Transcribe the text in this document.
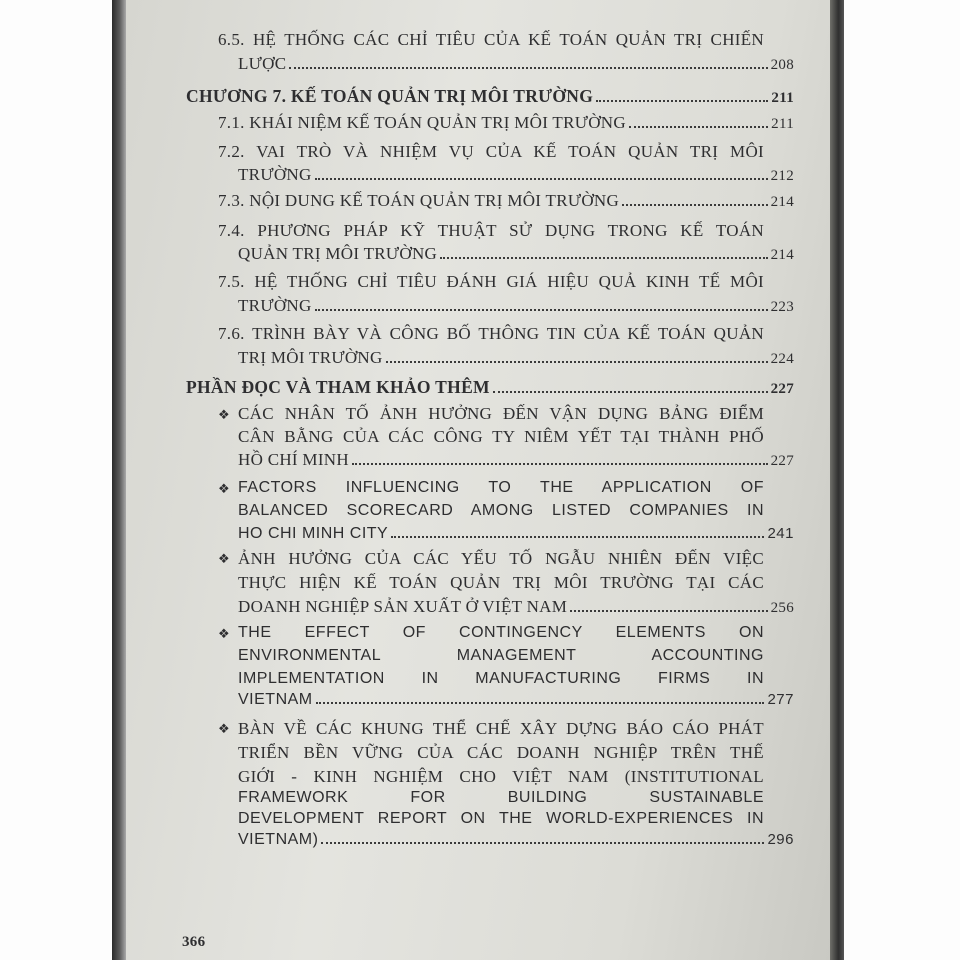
6.5. HỆ THỐNG CÁC CHỈ TIÊU CỦA KẾ TOÁN QUẢN TRỊ CHIẾN
LƯỢC	208
CHƯƠNG 7. KẾ TOÁN QUẢN TRỊ MÔI TRƯỜNG	211
7.1. KHÁI NIỆM KẾ TOÁN QUẢN TRỊ MÔI TRƯỜNG	211
7.2. VAI TRÒ VÀ NHIỆM VỤ CỦA KẾ TOÁN QUẢN TRỊ MÔI
TRƯỜNG	212
7.3. NỘI DUNG KẾ TOÁN QUẢN TRỊ MÔI TRƯỜNG	214
7.4. PHƯƠNG PHÁP KỸ THUẬT SỬ DỤNG TRONG KẾ TOÁN
QUẢN TRỊ MÔI TRƯỜNG	214
7.5. HỆ THỐNG CHỈ TIÊU ĐÁNH GIÁ HIỆU QUẢ KINH TẾ MÔI
TRƯỜNG	223
7.6. TRÌNH BÀY VÀ CÔNG BỐ THÔNG TIN CỦA KẾ TOÁN QUẢN
TRỊ MÔI TRƯỜNG	224
PHẦN ĐỌC VÀ THAM KHẢO THÊM	227
❖ CÁC NHÂN TỐ ẢNH HƯỞNG ĐẾN VẬN DỤNG BẢNG ĐIỂM
CÂN BẰNG CỦA CÁC CÔNG TY NIÊM YẾT TẠI THÀNH PHỐ
HỒ CHÍ MINH	227
❖ FACTORS INFLUENCING TO THE APPLICATION OF
BALANCED SCORECARD AMONG LISTED COMPANIES IN
HO CHI MINH CITY	241
❖ ẢNH HƯỞNG CỦA CÁC YẾU TỐ NGẪU NHIÊN ĐẾN VIỆC
THỰC HIỆN KẾ TOÁN QUẢN TRỊ MÔI TRƯỜNG TẠI CÁC
DOANH NGHIỆP SẢN XUẤT Ở VIỆT NAM	256
❖ THE EFFECT OF CONTINGENCY ELEMENTS ON
ENVIRONMENTAL MANAGEMENT ACCOUNTING
IMPLEMENTATION IN MANUFACTURING FIRMS IN
VIETNAM	277
❖ BÀN VỀ CÁC KHUNG THỂ CHẾ XÂY DỰNG BÁO CÁO PHÁT
TRIỂN BỀN VỮNG CỦA CÁC DOANH NGHIỆP TRÊN THẾ
GIỚI - KINH NGHIỆM CHO VIỆT NAM (INSTITUTIONAL
FRAMEWORK FOR BUILDING SUSTAINABLE
DEVELOPMENT REPORT ON THE WORLD-EXPERIENCES IN
VIETNAM)	296
366
